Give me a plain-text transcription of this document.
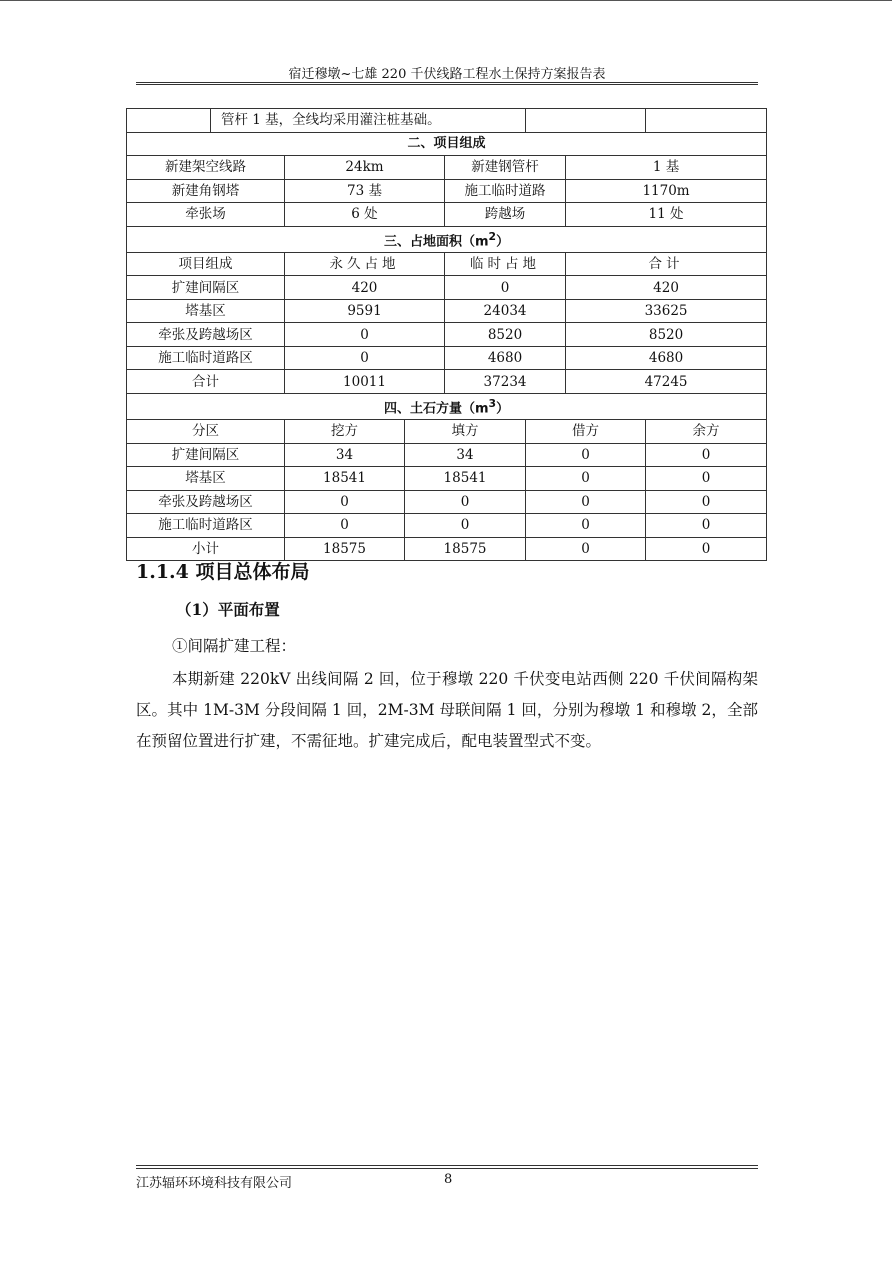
宿迁穆墩~七雄 220 千伏线路工程水土保持方案报告表
	管杆 1 基，全线均采用灌注桩基础。						
二、项目组成							
新建架空线路		24km		新建钢管杆		1 基	
新建角钢塔		73 基		施工临时道路		1170m	
牵张场		6 处		跨越场		11 处	
三、占地面积$(m^2)$							
项目组成		永久占地		临时占地		合计	
扩建间隔区		420		0		420	
塔基区		9591		24034		33625	
牵张及跨越场区		0		8520		8520	
施工临时道路区		0		4680		4680	
合计		10011		37234		47245	
四、土石方量$(m^3)$							
分区		挖方	填方		借方		余方
扩建间隔区		34	34		0		0
塔基区		18541	18541		0		0
牵张及跨越场区		0	0		0		0
施工临时道路区		0	0		0		0
小计		18575	18575		0		0
1.1.4 项目总体布局
（1）平面布置
①间隔扩建工程：
本期新建 220kV 出线间隔 2 回，位于穆墩 220 千伏变电站西侧 220 千伏间隔构架区。其中 1M-3M 分段间隔 1 回，2M-3M 母联间隔 1 回，分别为穆墩 1 和穆墩 2，全部在预留位置进行扩建，不需征地。扩建完成后，配电装置型式不变。
江苏辐环环境科技有限公司	8
